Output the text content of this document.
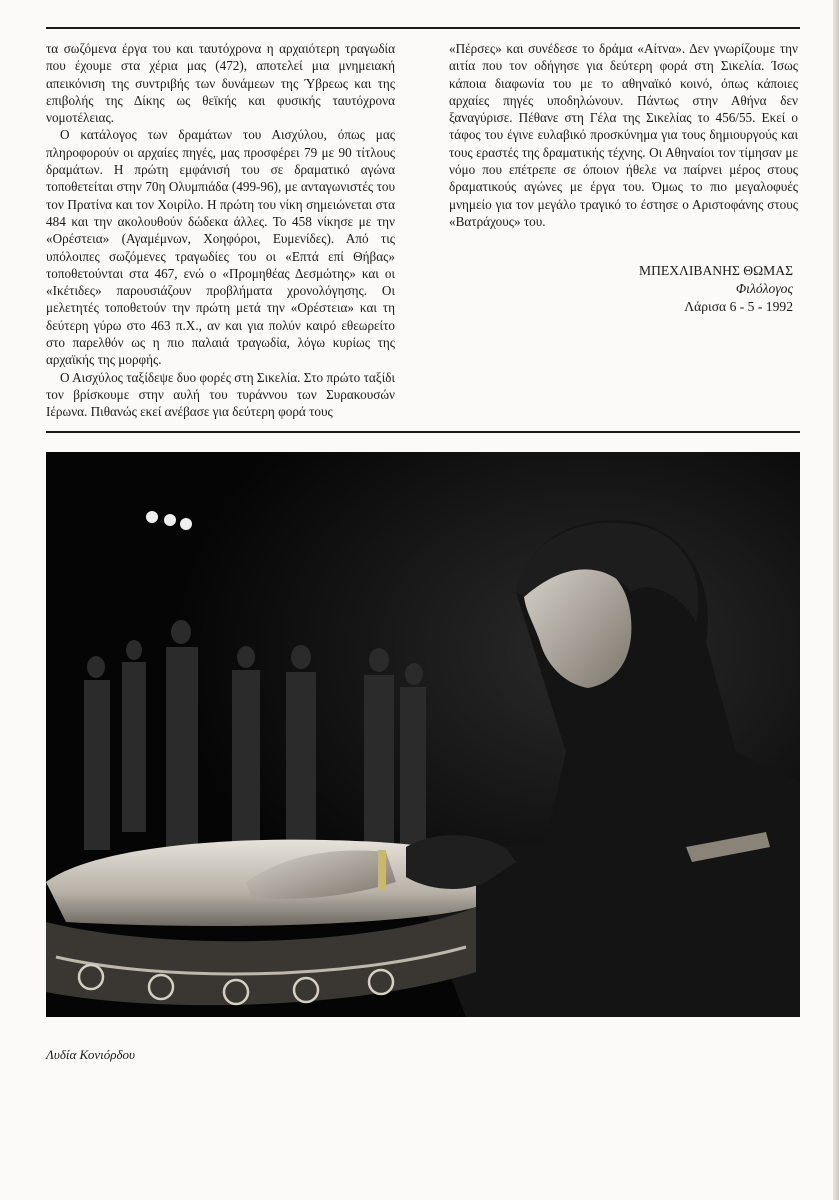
τα σωζόμενα έργα του και ταυτόχρονα η αρχαιότερη τραγωδία που έχουμε στα χέρια μας (472), αποτελεί μια μνημειακή απεικόνιση της συντριβής των δυνάμεων της Ύβρεως και της επιβολής της Δίκης ως θεϊκής και φυσικής ταυτόχρονα νομοτέλειας.

Ο κατάλογος των δραμάτων του Αισχύλου, όπως μας πληροφορούν οι αρχαίες πηγές, μας προσφέρει 79 με 90 τίτλους δραμάτων. Η πρώτη εμφάνισή του σε δραματικό αγώνα τοποθετείται στην 70η Ολυμπιάδα (499-96), με ανταγωνιστές του τον Πρατίνα και τον Χοιρίλο. Η πρώτη του νίκη σημειώνεται στα 484 και την ακολουθούν δώδεκα άλλες. Το 458 νίκησε με την «Ορέστεια» (Αγαμέμνων, Χοηφόροι, Ευμενίδες). Από τις υπόλοιπες σωζόμενες τραγωδίες του οι «Επτά επί Θήβας» τοποθετούνται στα 467, ενώ ο «Προμηθέας Δεσμώτης» και οι «Ικέτιδες» παρουσιάζουν προβλήματα χρονολόγησης. Οι μελετητές τοποθετούν την πρώτη μετά την «Ορέστεια» και τη δεύτερη γύρω στο 463 π.Χ., αν και για πολύν καιρό εθεωρείτο στο παρελθόν ως η πιο παλαιά τραγωδία, λόγω κυρίως της αρχαϊκής της μορφής.

Ο Αισχύλος ταξίδεψε δυο φορές στη Σικελία. Στο πρώτο ταξίδι τον βρίσκουμε στην αυλή του τυράννου των Συρακουσών Ιέρωνα. Πιθανώς εκεί ανέβασε για δεύτερη φορά τους

«Πέρσες» και συνέδεσε το δράμα «Αίτνα». Δεν γνωρίζουμε την αιτία που τον οδήγησε για δεύτερη φορά στη Σικελία. Ίσως κάποια διαφωνία του με το αθηναϊκό κοινό, όπως κάποιες αρχαίες πηγές υποδηλώνουν. Πάντως στην Αθήνα δεν ξαναγύρισε. Πέθανε στη Γέλα της Σικελίας το 456/55. Εκεί ο τάφος του έγινε ευλαβικό προσκύνημα για τους δημιουργούς και τους εραστές της δραματικής τέχνης. Οι Αθηναίοι τον τίμησαν με νόμο που επέτρεπε σε όποιον ήθελε να παίρνει μέρος στους δραματικούς αγώνες με έργα του. Όμως το πιο μεγαλοφυές μνημείο για τον μεγάλο τραγικό το έστησε ο Αριστοφάνης στους «Βατράχους» του.

ΜΠΕΧΛΙΒΑΝΗΣ ΘΩΜΑΣ
Φιλόλογος
Λάρισα 6 - 5 - 1992
Λυδία Κονιόρδου
